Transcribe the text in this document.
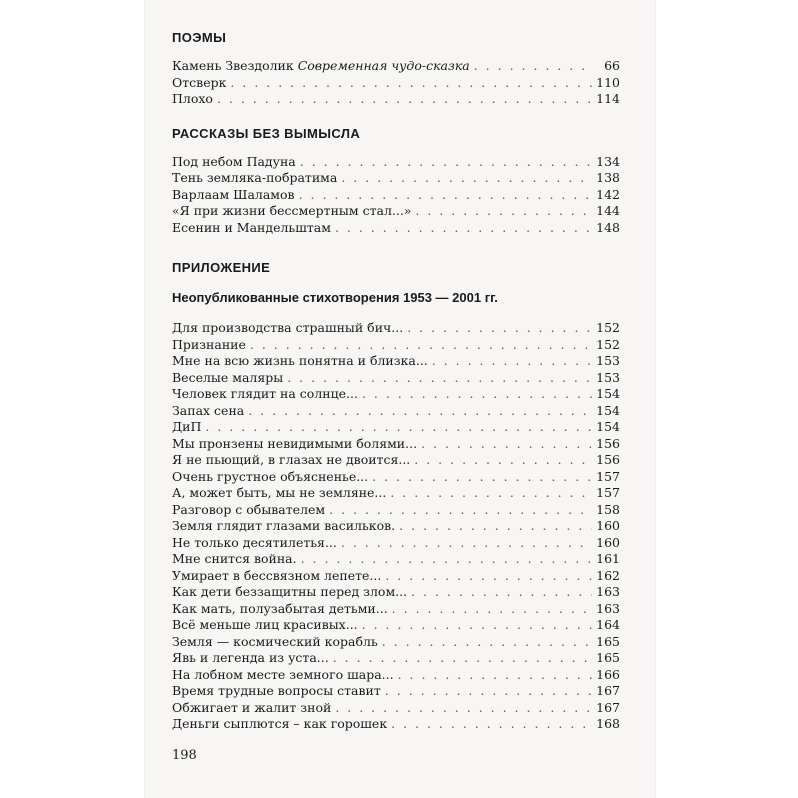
ПОЭМЫ
Камень Звездолик Современная чудо-сказка . . .	66
Отсверк . . .	110
Плохо . . .	114
РАССКАЗЫ БЕЗ ВЫМЫСЛА
Под небом Падуна . . .	134
Тень земляка-побратима . . .	138
Варлаам Шаламов . . .	142
«Я при жизни бессмертным стал...» . . .	144
Есенин и Мандельштам . . .	148
ПРИЛОЖЕНИЕ
Неопубликованные стихотворения 1953 — 2001 гг.
Для производства страшный бич... . . .	152
Признание . . .	152
Мне на всю жизнь понятна и близка... . . .	153
Веселые маляры . . .	153
Человек глядит на солнце... . . .	154
Запах сена . . .	154
ДиП . . .	154
Мы пронзены невидимыми болями... . . .	156
Я не пьющий, в глазах не двоится... . . .	156
Очень грустное объясненье... . . .	157
А, может быть, мы не земляне... . . .	157
Разговор с обывателем . . .	158
Земля глядит глазами васильков. . . .	160
Не только десятилетья... . . .	160
Мне снится война. . . .	161
Умирает в бессвязном лепете... . . .	162
Как дети беззащитны перед злом... . . .	163
Как мать, полузабытая детьми... . . .	163
Всё меньше лиц красивых... . . .	164
Земля — космический корабль . . .	165
Явь и легенда из уста... . . .	165
На лобном месте земного шара... . . .	166
Время трудные вопросы ставит . . .	167
Обжигает и жалит зной . . .	167
Деньги сыплются – как горошек . . .	168
198
